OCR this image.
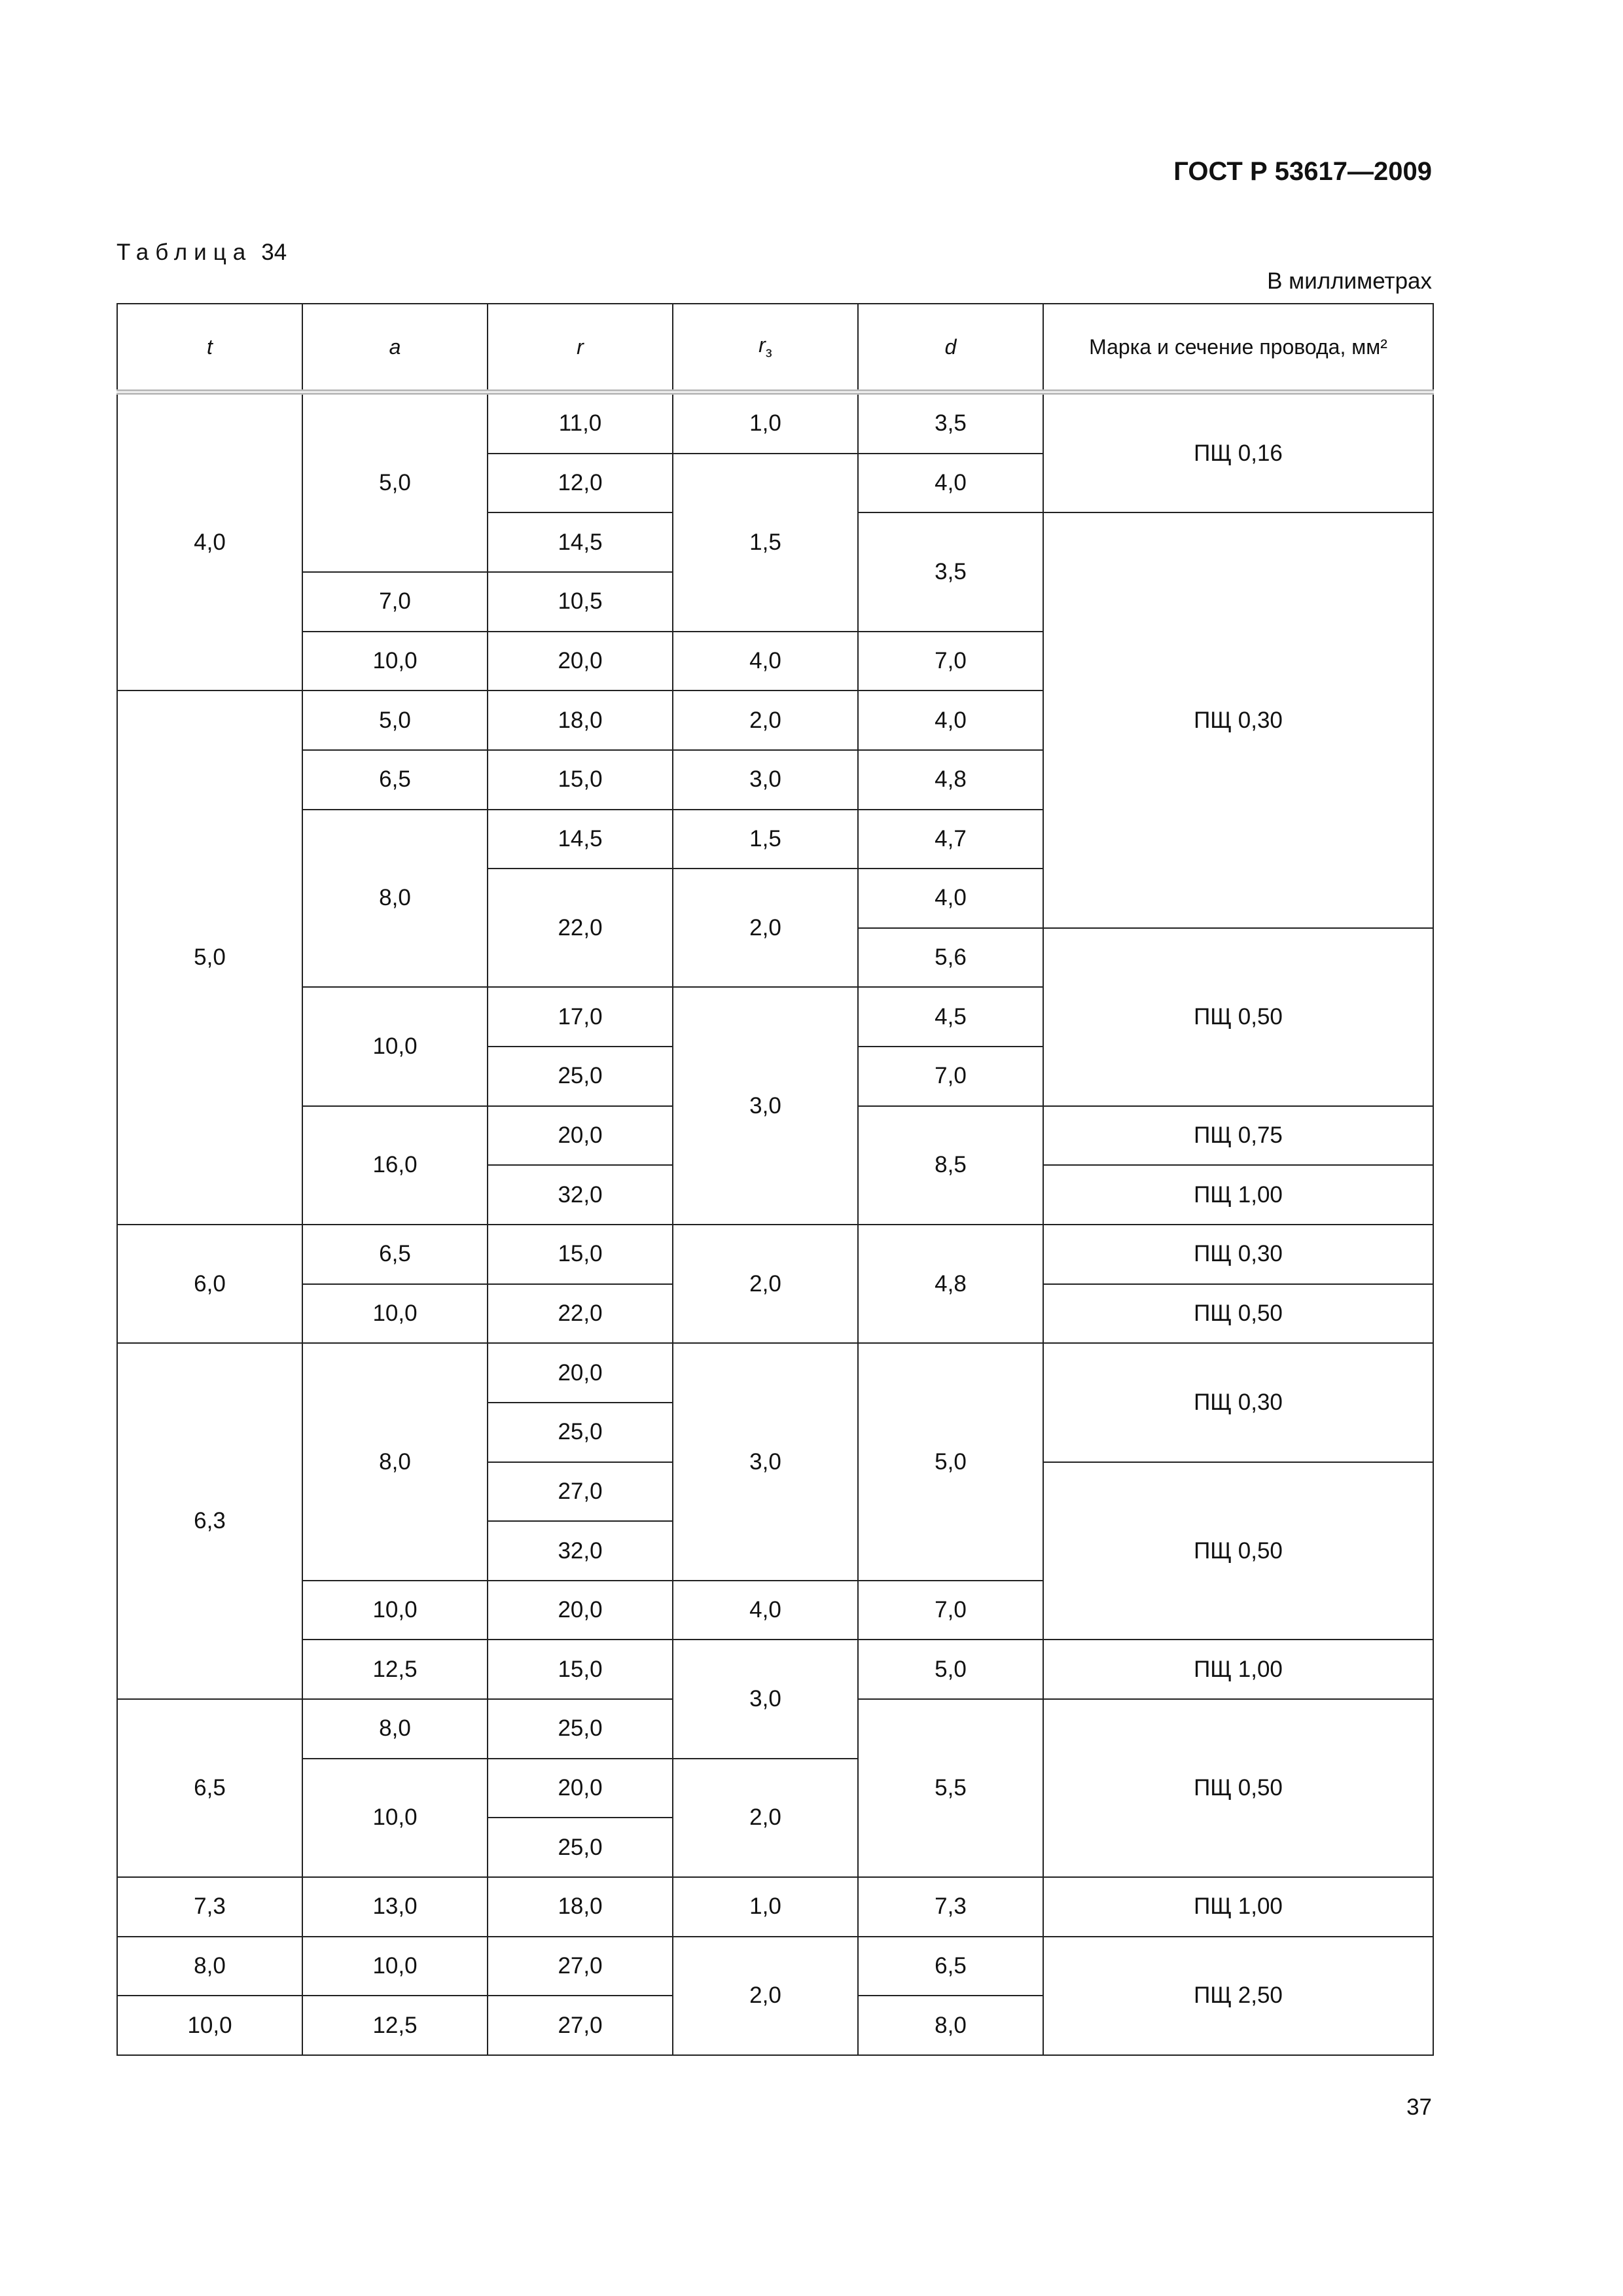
ГОСТ Р 53617—2009
Таблица 34
В миллиметрах
t	a	r	$r_з$	d	Марка и сечение провода, мм²
4,0	5,0	11,0	1,0	3,5	ПЩ 0,16
		12,0	1,5	4,0	
		14,5		3,5	ПЩ 0,30
	7,0	10,5			
	10,0	20,0	4,0	7,0	
5,0	5,0	18,0	2,0	4,0	
	6,5	15,0	3,0	4,8	
	8,0	14,5	1,5	4,7	
		22,0	2,0	4,0	
				5,6	ПЩ 0,50
	10,0	17,0	3,0	4,5	
		25,0		7,0	
	16,0	20,0		8,5	ПЩ 0,75
		32,0			ПЩ 1,00
6,0	6,5	15,0	2,0	4,8	ПЩ 0,30
	10,0	22,0			ПЩ 0,50
6,3	8,0	20,0	3,0	5,0	ПЩ 0,30
		25,0			
		27,0			ПЩ 0,50
		32,0			
	10,0	20,0	4,0	7,0	
	12,5	15,0	3,0	5,0	ПЩ 1,00
6,5	8,0	25,0		5,5	ПЩ 0,50
	10,0	20,0	2,0		
		25,0			
7,3	13,0	18,0	1,0	7,3	ПЩ 1,00
8,0	10,0	27,0	2,0	6,5	ПЩ 2,50
10,0	12,5	27,0		8,0	
37
